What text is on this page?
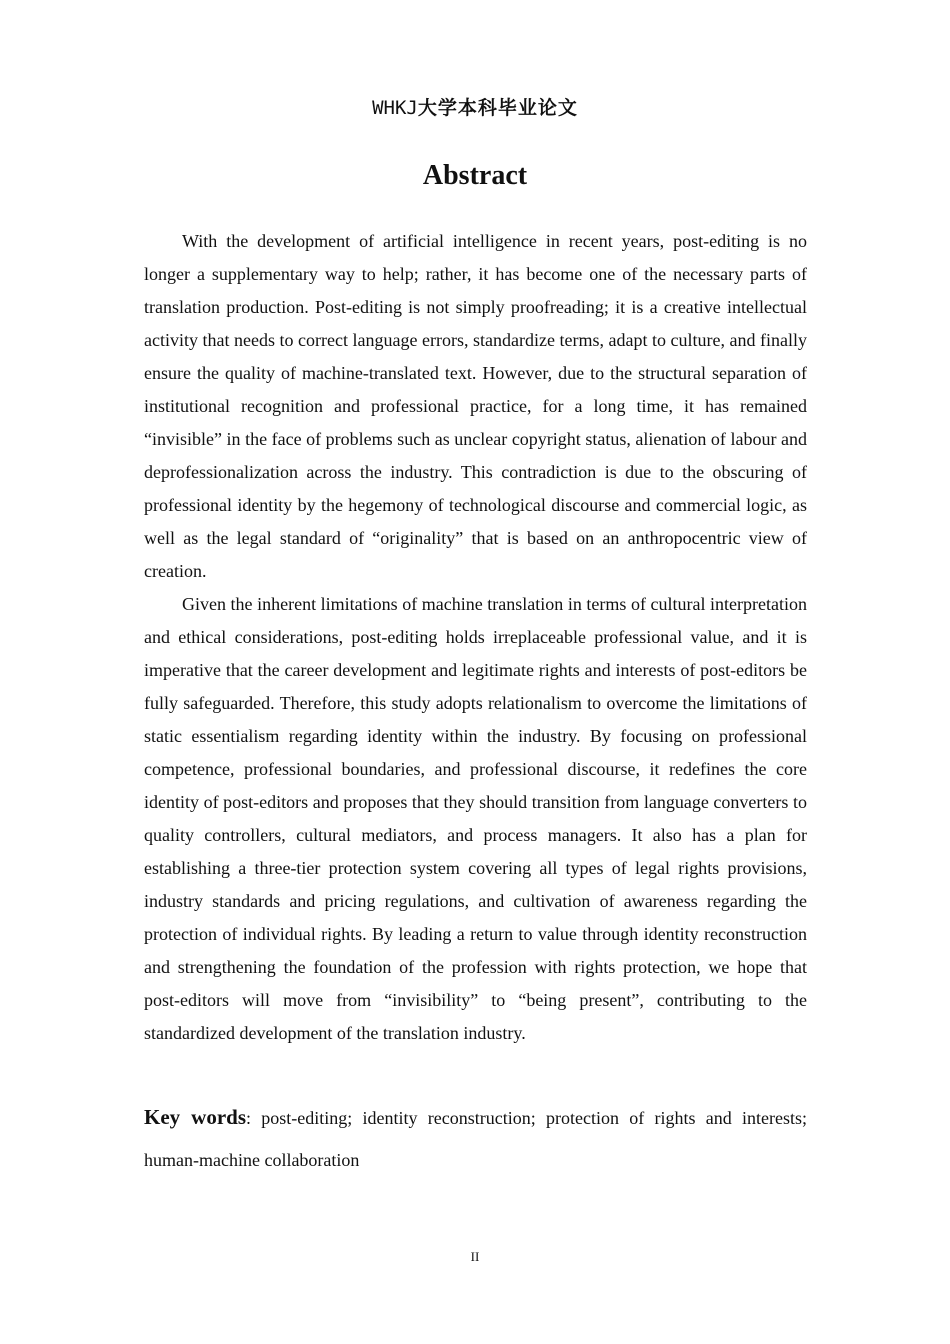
WHKJ大学本科毕业论文
Abstract

With the development of artificial intelligence in recent years, post-editing is no longer a supplementary way to help; rather, it has become one of the necessary parts of translation production. Post-editing is not simply proofreading; it is a creative intellectual activity that needs to correct language errors, standardize terms, adapt to culture, and finally ensure the quality of machine-translated text. However, due to the structural separation of institutional recognition and professional practice, for a long time, it has remained “invisible” in the face of problems such as unclear copyright status, alienation of labour and deprofessionalization across the industry. This contradiction is due to the obscuring of professional identity by the hegemony of technological discourse and commercial logic, as well as the legal standard of “originality” that is based on an anthropocentric view of creation.

Given the inherent limitations of machine translation in terms of cultural interpretation and ethical considerations, post-editing holds irreplaceable professional value, and it is imperative that the career development and legitimate rights and interests of post-editors be fully safeguarded. Therefore, this study adopts relationalism to overcome the limitations of static essentialism regarding identity within the industry. By focusing on professional competence, professional boundaries, and professional discourse, it redefines the core identity of post-editors and proposes that they should transition from language converters to quality controllers, cultural mediators, and process managers. It also has a plan for establishing a three-tier protection system covering all types of legal rights provisions, industry standards and pricing regulations, and cultivation of awareness regarding the protection of individual rights. By leading a return to value through identity reconstruction and strengthening the foundation of the profession with rights protection, we hope that post-editors will move from “invisibility” to “being present”, contributing to the standardized development of the translation industry.

Key words: post-editing; identity reconstruction; protection of rights and interests; human-machine collaboration
II
